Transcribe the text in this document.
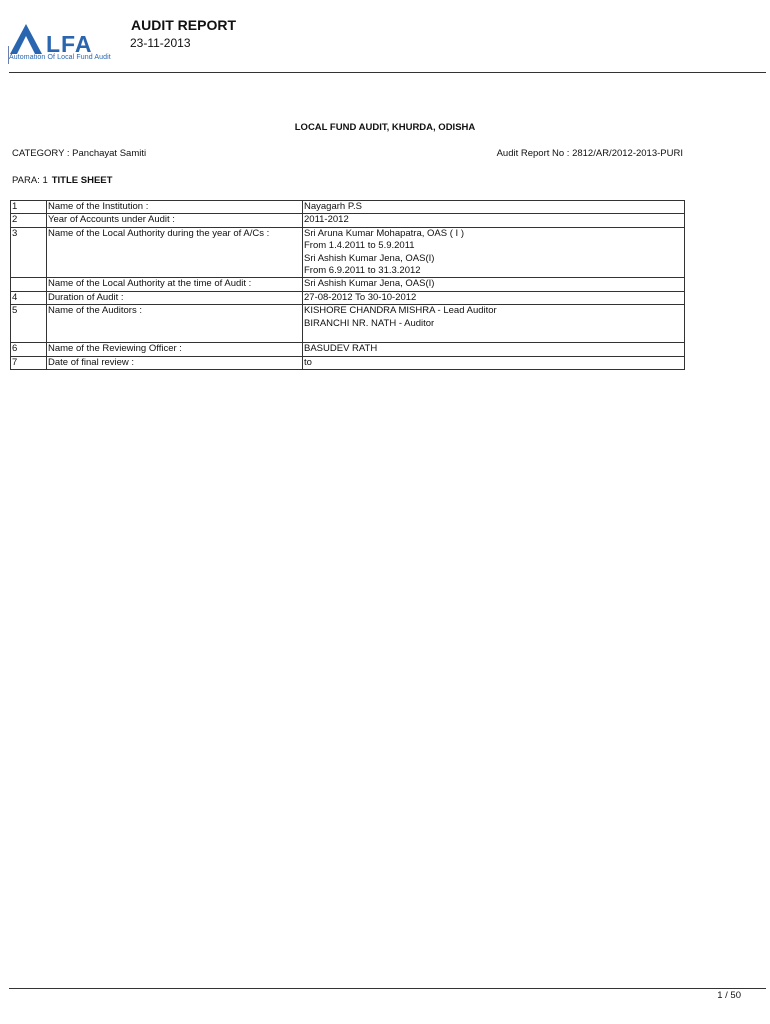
LFA
Automation Of Local Fund Audit
AUDIT REPORT
23-11-2013
LOCAL FUND AUDIT, KHURDA, ODISHA
CATEGORY : Panchayat Samiti	Audit Report No : 2812/AR/2012-2013-PURI
PARA: 1 TITLE SHEET
1	Name of the Institution :	Nayagarh P.S

2	Year of Accounts under Audit :	2011-2012

3	Name of the Local Authority during the year of A/Cs :	Sri Aruna Kumar Mohapatra, OAS ( I )
From 1.4.2011 to 5.9.2011
Sri Ashish Kumar Jena, OAS(I)
From 6.9.2011 to 31.3.2012

	Name of the Local Authority at the time of Audit :	Sri Ashish Kumar Jena, OAS(I)

4	Duration of Audit :	27-08-2012 To 30-10-2012

5	Name of the Auditors :	KISHORE CHANDRA MISHRA - Lead Auditor
BIRANCHI NR. NATH - Auditor

6	Name of the Reviewing Officer :	BASUDEV RATH

7	Date of final review :	to
1 / 50
